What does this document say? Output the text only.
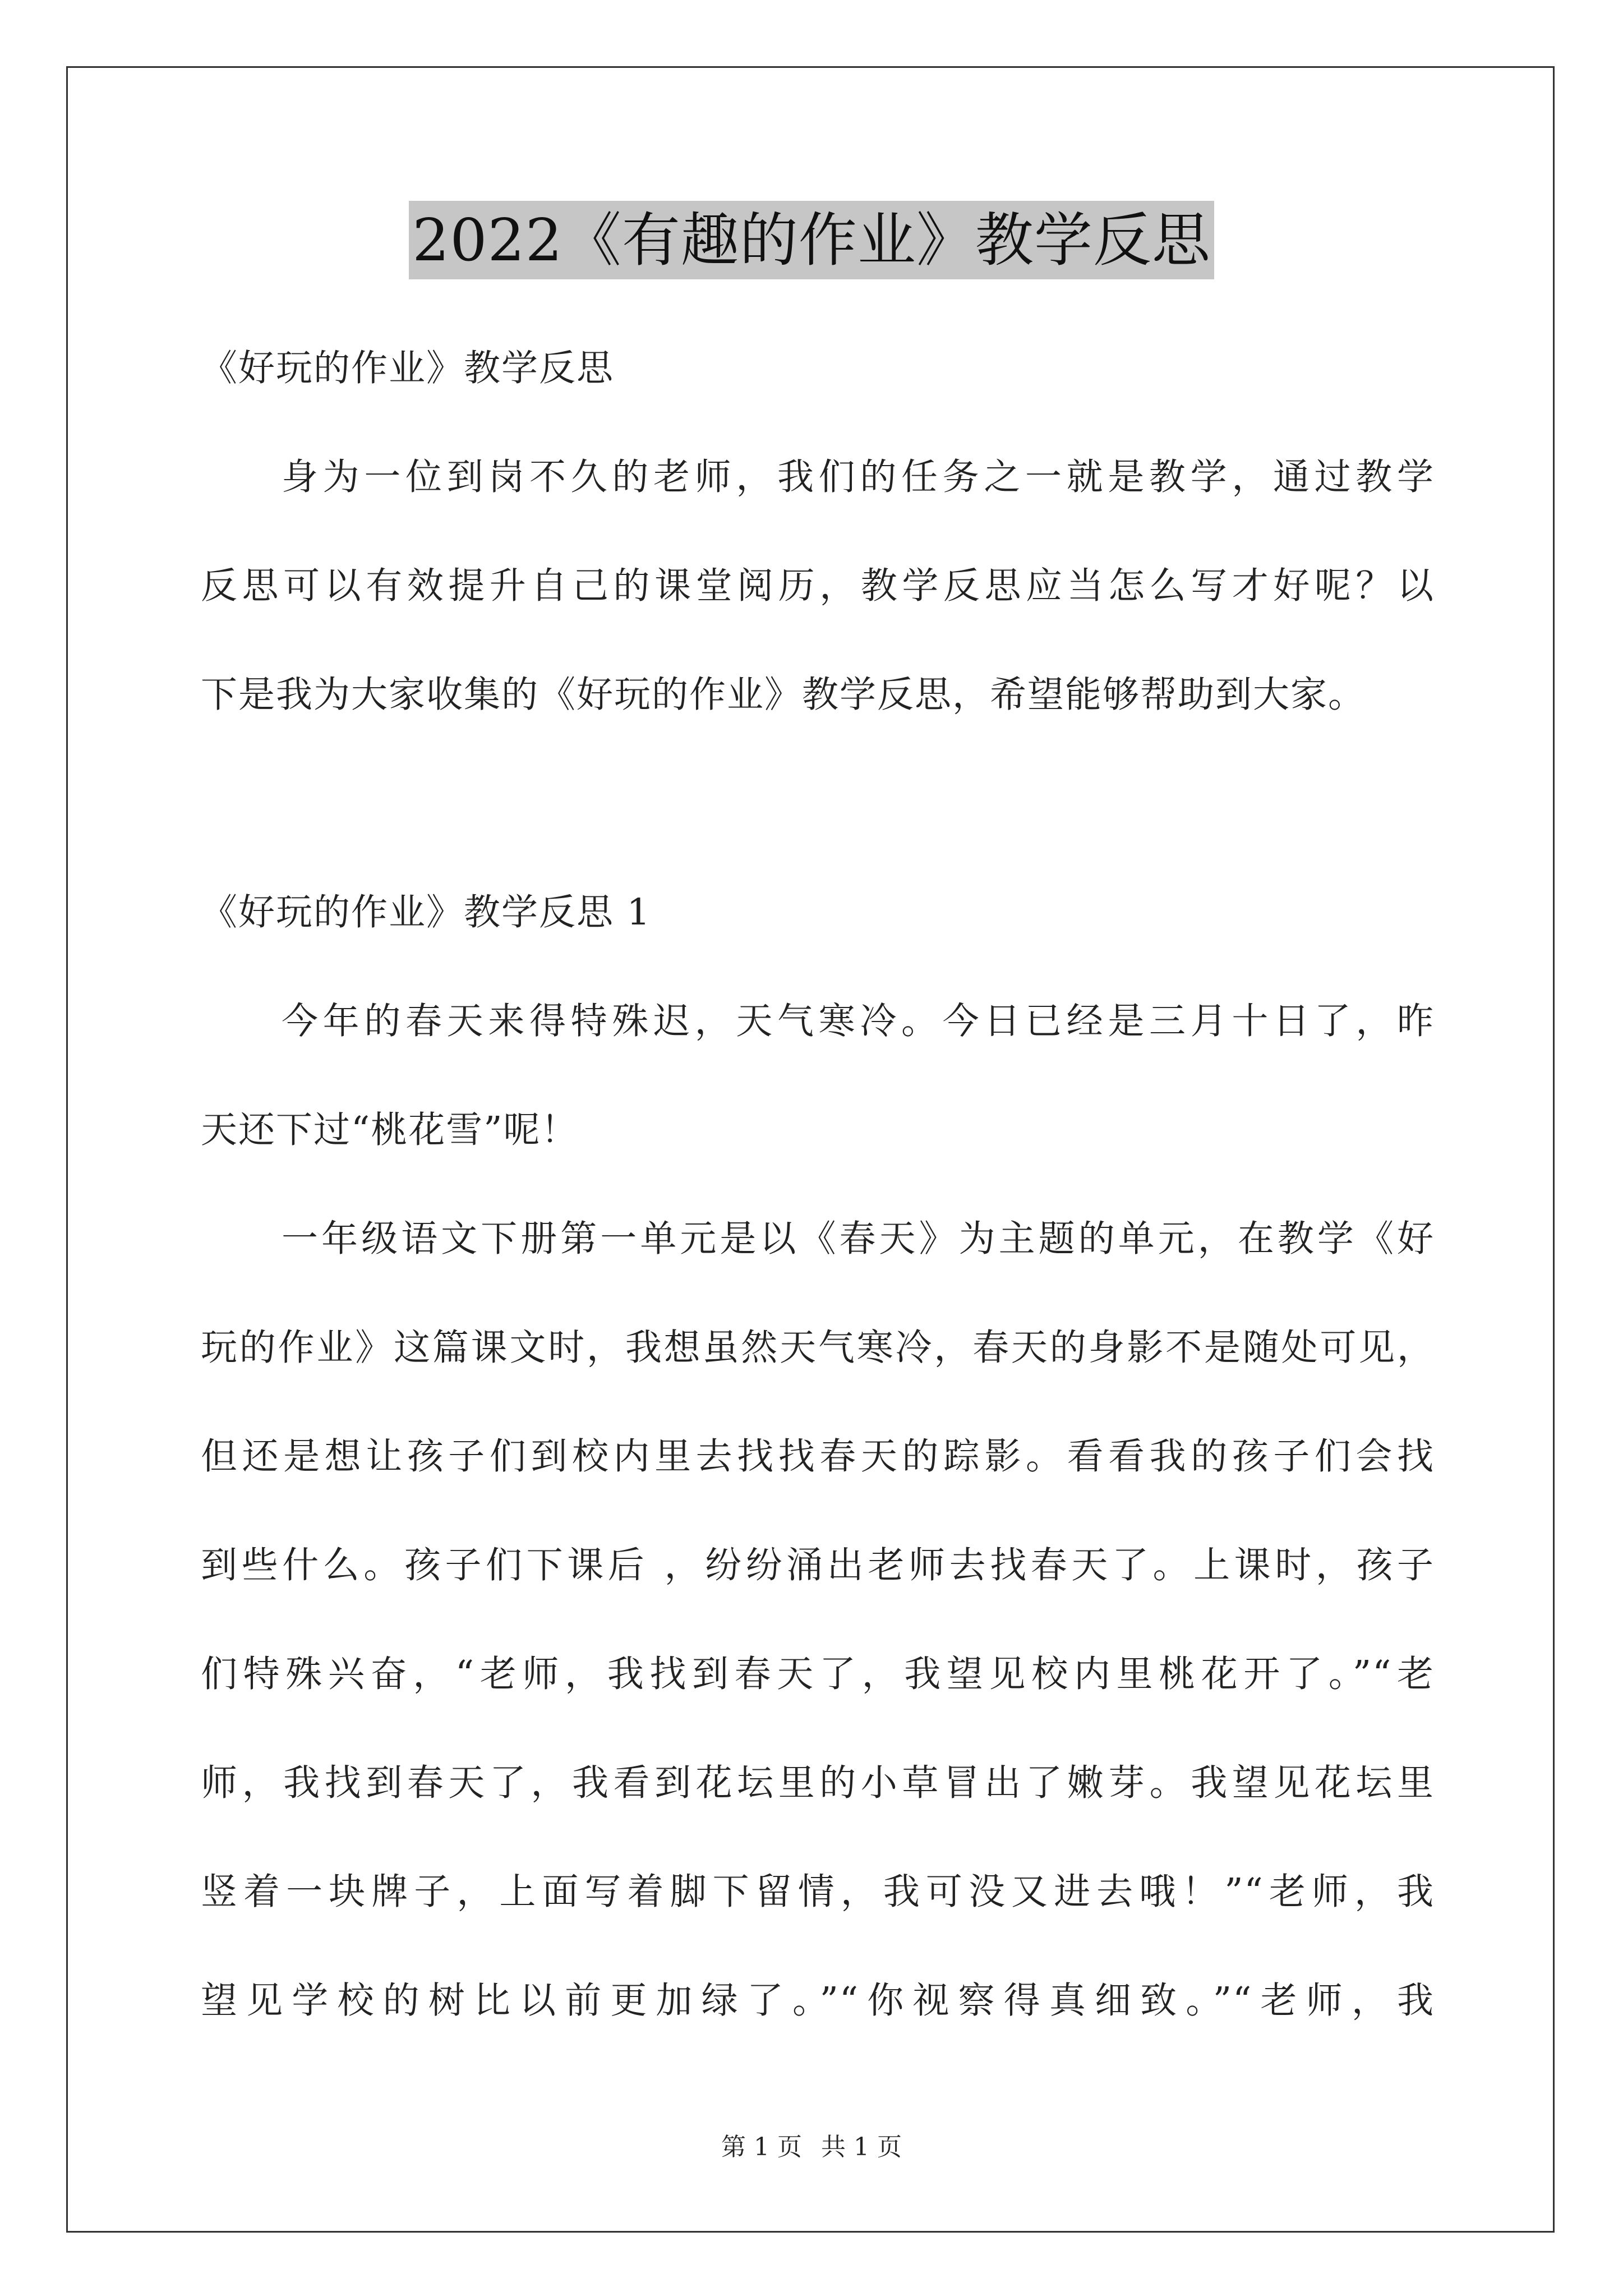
2022《有趣的作业》教学反思
《好玩的作业》教学反思
身为一位到岗不久的老师，我们的任务之一就是教学，通过教学
反思可以有效提升自己的课堂阅历，教学反思应当怎么写才好呢？以
下是我为大家收集的《好玩的作业》教学反思，希望能够帮助到大家。
《好玩的作业》教学反思 1
今年的春天来得特殊迟，天气寒冷。今日已经是三月十日了，昨
天还下过“桃花雪”呢！
一年级语文下册第一单元是以《春天》为主题的单元，在教学《好
玩的作业》这篇课文时，我想虽然天气寒冷，春天的身影不是随处可见，
但还是想让孩子们到校内里去找找春天的踪影。看看我的孩子们会找
到些什么。孩子们下课后 ，纷纷涌出老师去找春天了。上课时，孩子
们特殊兴奋，“老师，我找到春天了，我望见校内里桃花开了。”“老
师，我找到春天了，我看到花坛里的小草冒出了嫩芽。我望见花坛里
竖着一块牌子，上面写着脚下留情，我可没又进去哦！”“老师，我
望见学校的树比以前更加绿了。”“你视察得真细致。”“老师，我
第 1 页 共 1 页
